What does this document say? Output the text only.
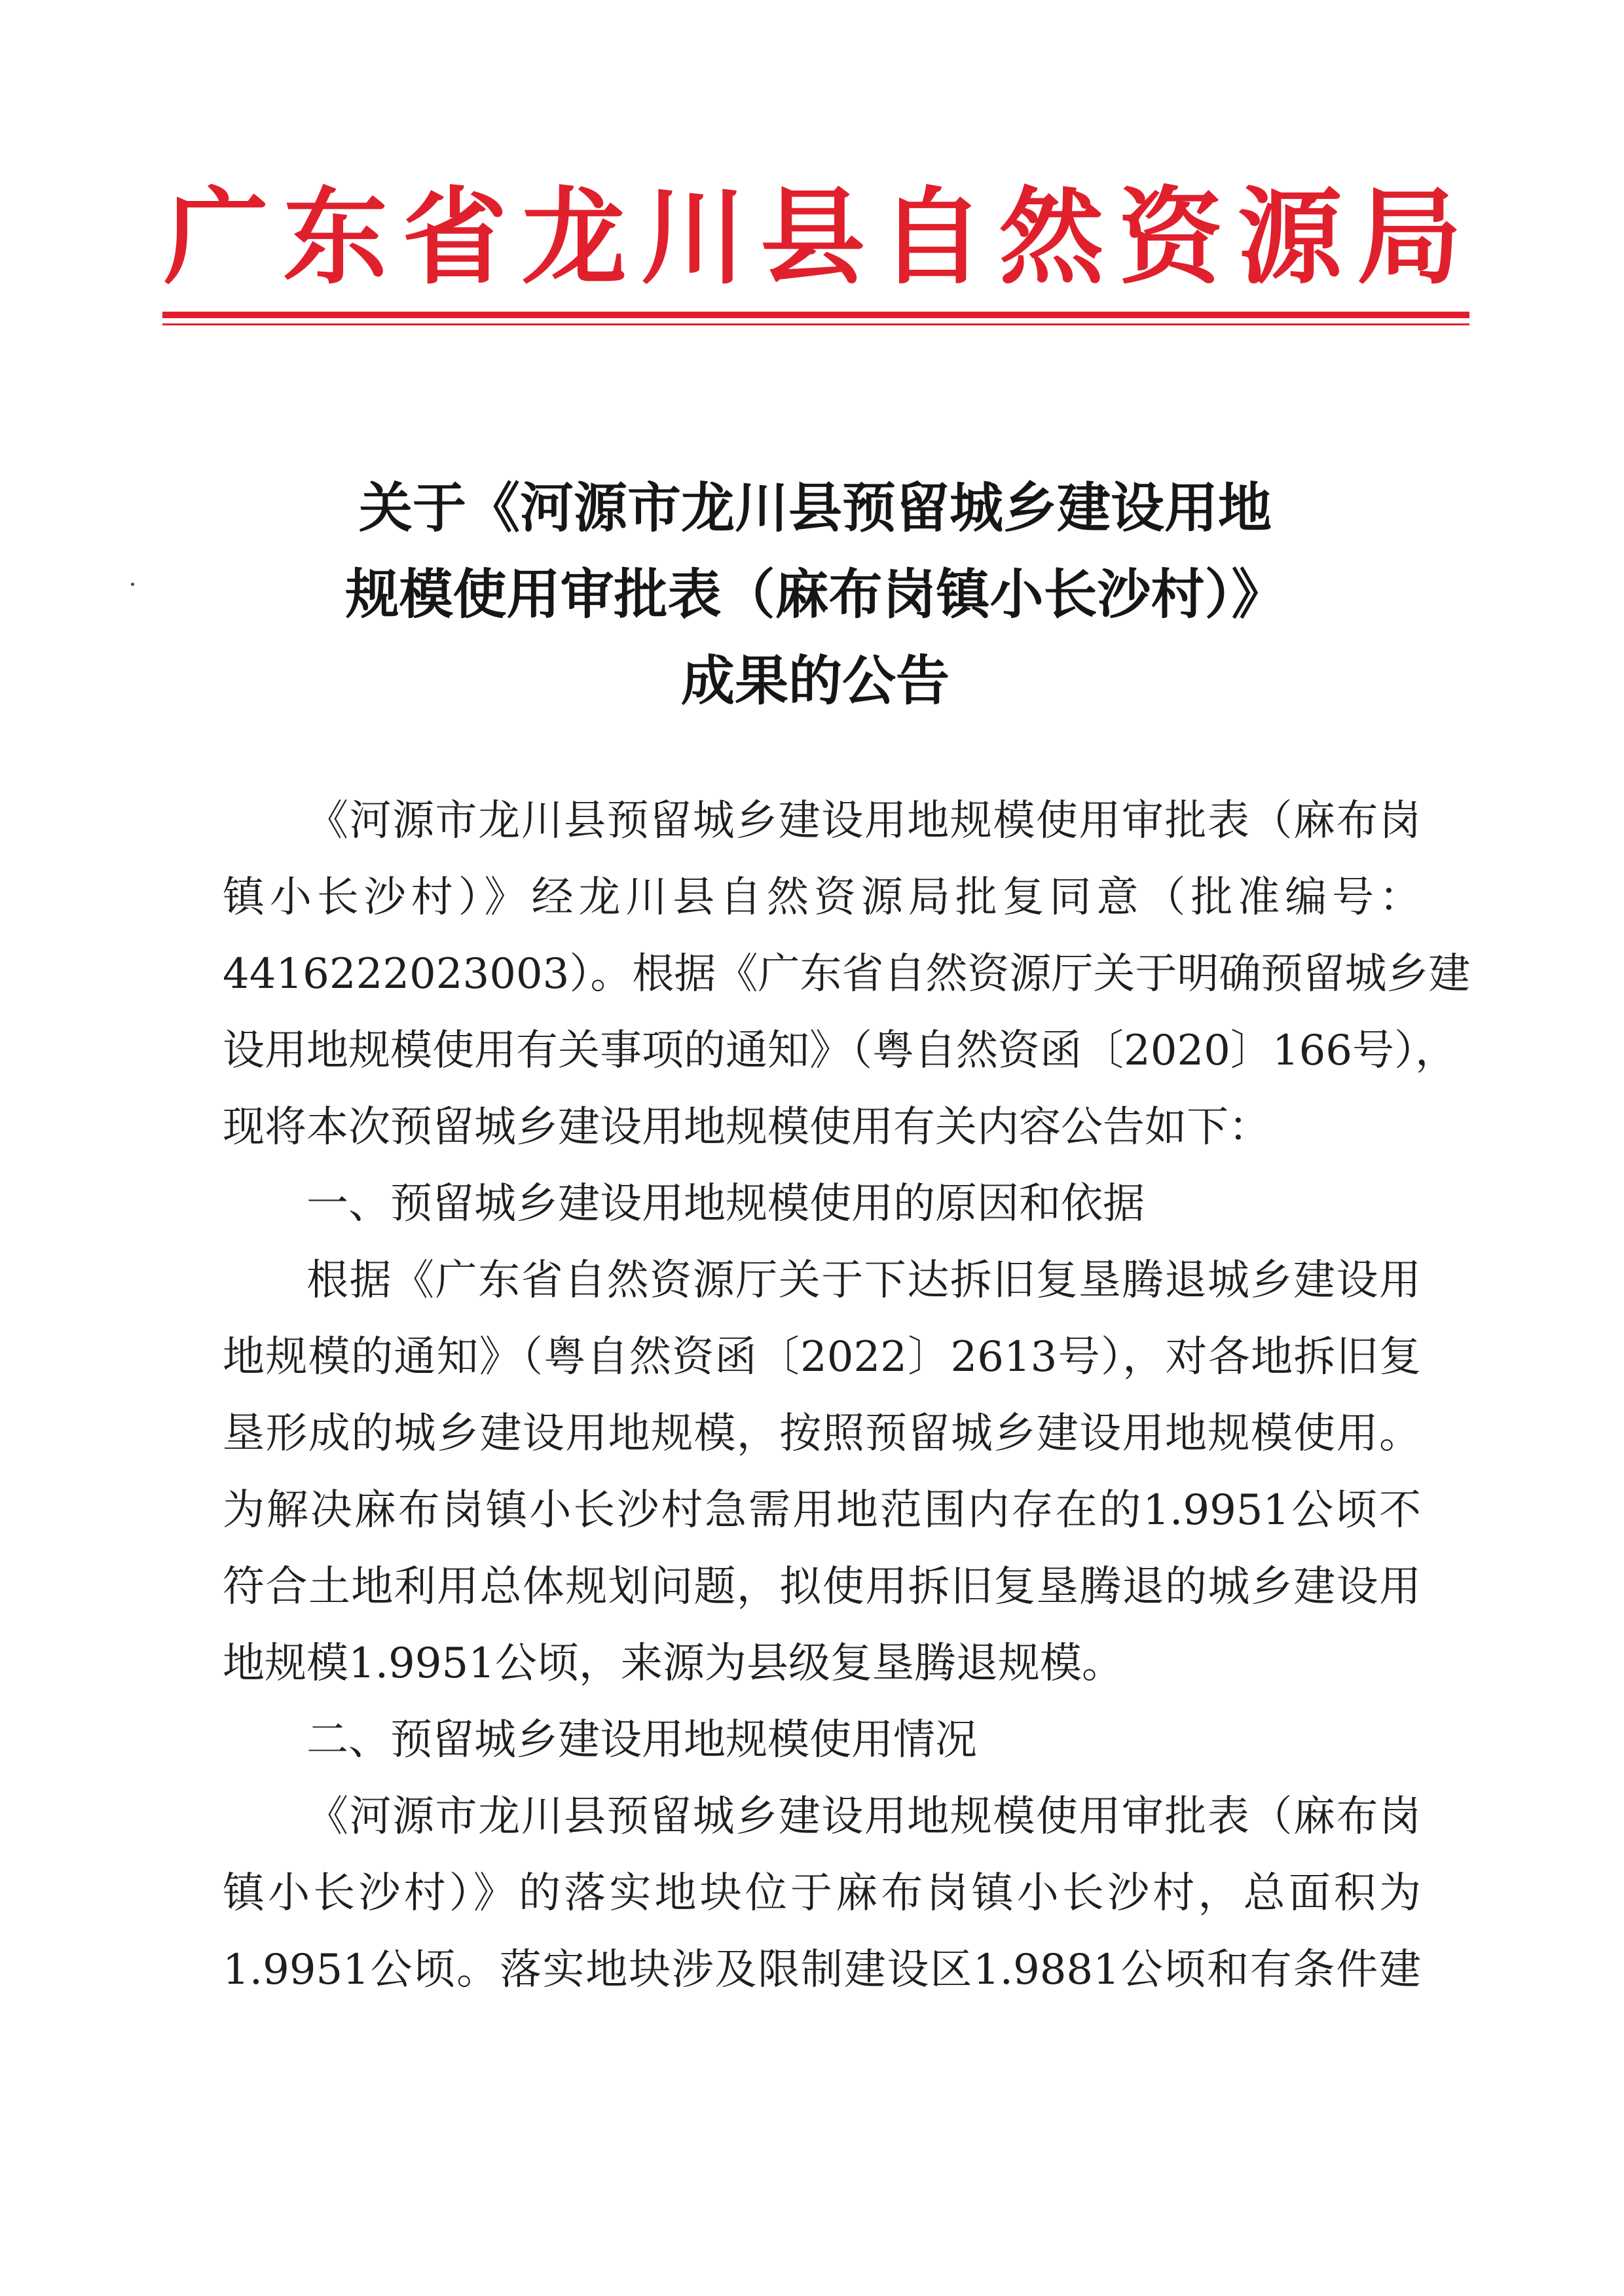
广东省龙川县自然资源局
关于《河源市龙川县预留城乡建设用地
规模使用审批表（麻布岗镇小长沙村）》
成果的公告
《河源市龙川县预留城乡建设用地规模使用审批表（麻布岗
镇小长沙村）》经龙川县自然资源局批复同意（批准编号：
4416222023003）。根据《广东省自然资源厅关于明确预留城乡建
设用地规模使用有关事项的通知》（粤自然资函〔2020〕166号），
现将本次预留城乡建设用地规模使用有关内容公告如下：
一、预留城乡建设用地规模使用的原因和依据
根据《广东省自然资源厅关于下达拆旧复垦腾退城乡建设用
地规模的通知》（粤自然资函〔2022〕2613号），对各地拆旧复
垦形成的城乡建设用地规模，按照预留城乡建设用地规模使用。
为解决麻布岗镇小长沙村急需用地范围内存在的1.9951公顷不
符合土地利用总体规划问题，拟使用拆旧复垦腾退的城乡建设用
地规模1.9951公顷，来源为县级复垦腾退规模。
二、预留城乡建设用地规模使用情况
《河源市龙川县预留城乡建设用地规模使用审批表（麻布岗
镇小长沙村）》的落实地块位于麻布岗镇小长沙村，总面积为
1.9951公顷。落实地块涉及限制建设区1.9881公顷和有条件建
